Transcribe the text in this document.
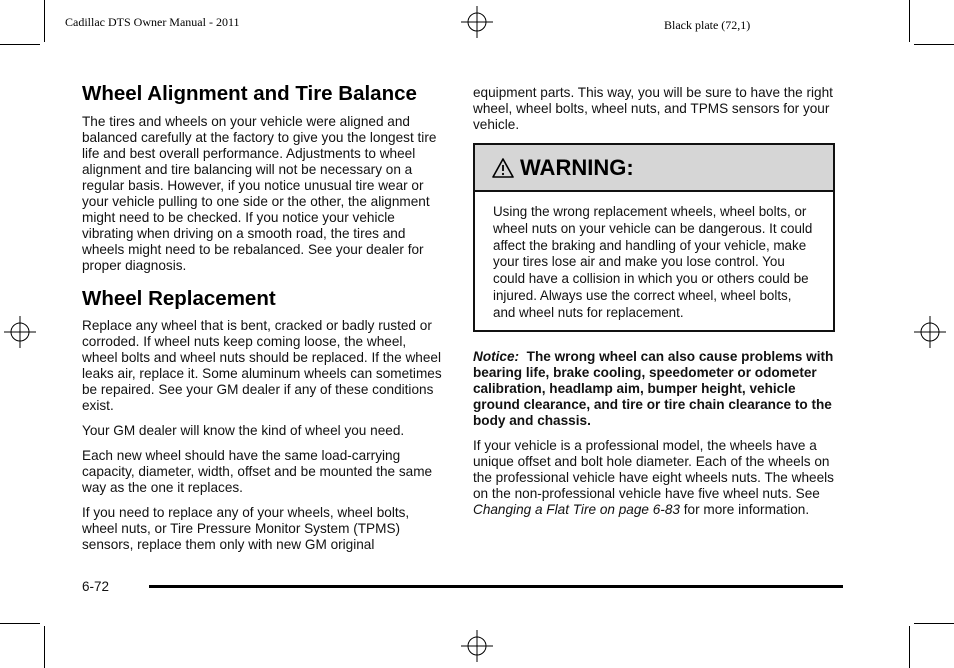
Cadillac DTS Owner Manual - 2011	Black plate (72,1)
Wheel Alignment and Tire Balance

The tires and wheels on your vehicle were aligned and balanced carefully at the factory to give you the longest tire life and best overall performance. Adjustments to wheel alignment and tire balancing will not be necessary on a regular basis. However, if you notice unusual tire wear or your vehicle pulling to one side or the other, the alignment might need to be checked. If you notice your vehicle vibrating when driving on a smooth road, the tires and wheels might need to be rebalanced. See your dealer for proper diagnosis.

Wheel Replacement

Replace any wheel that is bent, cracked or badly rusted or corroded. If wheel nuts keep coming loose, the wheel, wheel bolts and wheel nuts should be replaced. If the wheel leaks air, replace it. Some aluminum wheels can sometimes be repaired. See your GM dealer if any of these conditions exist.

Your GM dealer will know the kind of wheel you need.

Each new wheel should have the same load-carrying capacity, diameter, width, offset and be mounted the same way as the one it replaces.

If you need to replace any of your wheels, wheel bolts, wheel nuts, or Tire Pressure Monitor System (TPMS) sensors, replace them only with new GM original

equipment parts. This way, you will be sure to have the right wheel, wheel bolts, wheel nuts, and TPMS sensors for your vehicle.

WARNING:
Using the wrong replacement wheels, wheel bolts, or wheel nuts on your vehicle can be dangerous. It could affect the braking and handling of your vehicle, make your tires lose air and make you lose control. You could have a collision in which you or others could be injured. Always use the correct wheel, wheel bolts, and wheel nuts for replacement.

Notice: The wrong wheel can also cause problems with bearing life, brake cooling, speedometer or odometer calibration, headlamp aim, bumper height, vehicle ground clearance, and tire or tire chain clearance to the body and chassis.

If your vehicle is a professional model, the wheels have a unique offset and bolt hole diameter. Each of the wheels on the professional vehicle have eight wheels nuts. The wheels on the non-professional vehicle have five wheel nuts. See Changing a Flat Tire on page 6-83 for more information.

6-72
